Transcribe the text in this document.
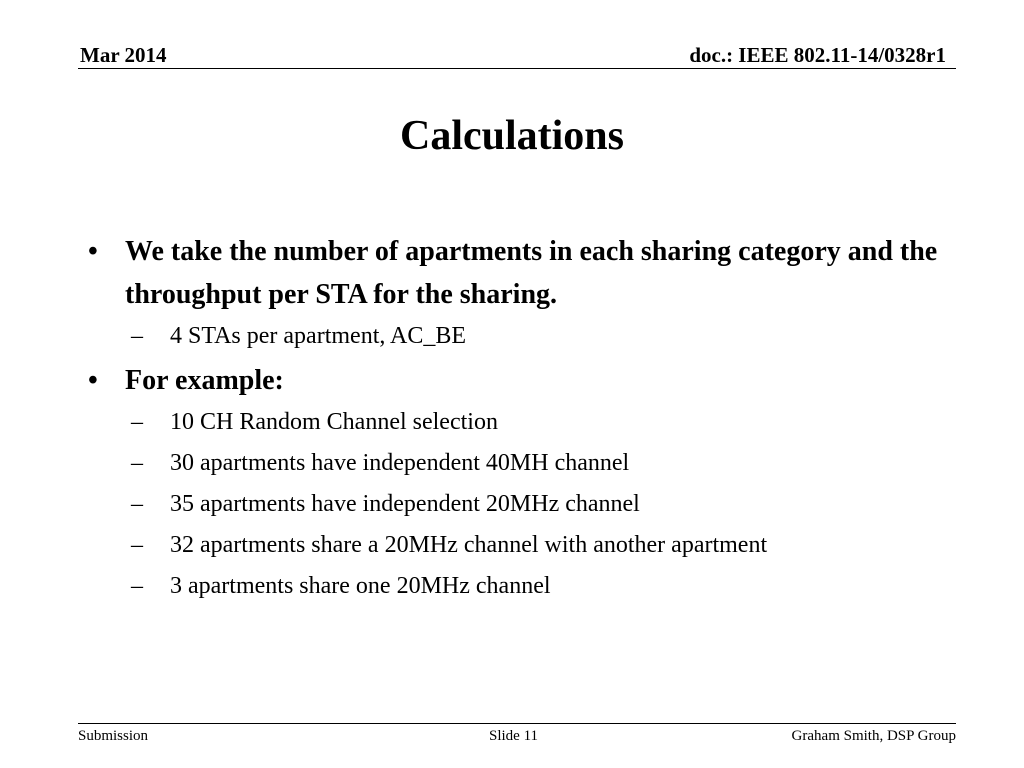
Mar 2014	doc.: IEEE 802.11-14/0328r1
Calculations
• We take the number of apartments in each sharing category and the throughput per STA for the sharing.
– 4 STAs per apartment, AC_BE
• For example:
– 10 CH Random Channel selection
– 30 apartments have independent 40MH channel
– 35 apartments have independent 20MHz channel
– 32 apartments share a 20MHz channel with another apartment
– 3 apartments share one 20MHz channel
Submission	Slide 11	Graham Smith, DSP Group
